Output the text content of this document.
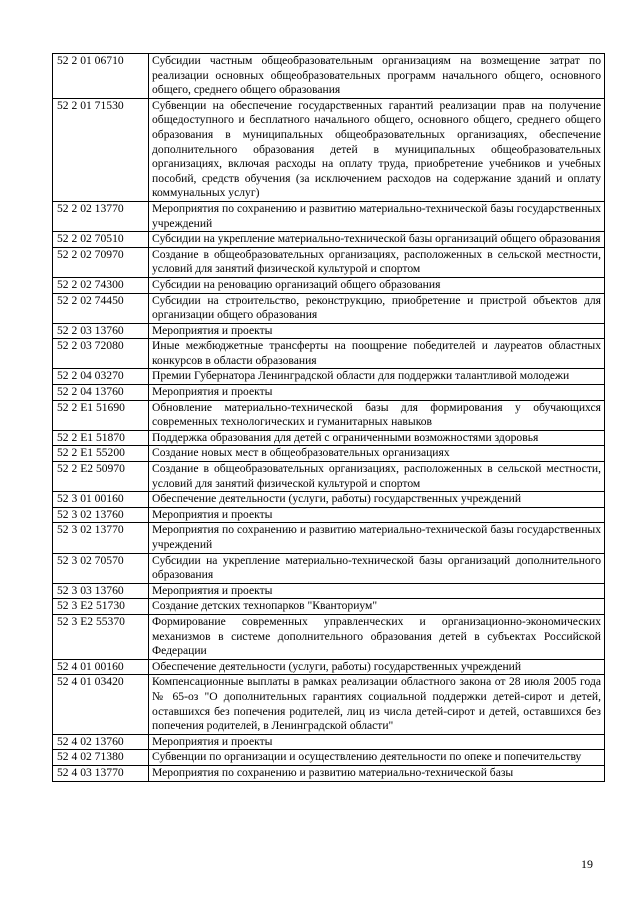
52 2 01 06710	Субсидии частным общеобразовательным организациям на возмещение затрат по реализации основных общеобразовательных программ начального общего, основного общего, среднего общего образования
52 2 01 71530	Субвенции на обеспечение государственных гарантий реализации прав на получение общедоступного и бесплатного начального общего, основного общего, среднего общего образования в муниципальных общеобразовательных организациях, обеспечение дополнительного образования детей в муниципальных общеобразовательных организациях, включая расходы на оплату труда, приобретение учебников и учебных пособий, средств обучения (за исключением расходов на содержание зданий и оплату коммунальных услуг)
52 2 02 13770	Мероприятия по сохранению и развитию материально-технической базы государственных учреждений
52 2 02 70510	Субсидии на укрепление материально-технической базы организаций общего образования
52 2 02 70970	Создание в общеобразовательных организациях, расположенных в сельской местности, условий для занятий физической культурой и спортом
52 2 02 74300	Субсидии на реновацию организаций общего образования
52 2 02 74450	Субсидии на строительство, реконструкцию, приобретение и пристрой объектов для организации общего образования
52 2 03 13760	Мероприятия и проекты
52 2 03 72080	Иные межбюджетные трансферты на поощрение победителей и лауреатов областных конкурсов в области образования
52 2 04 03270	Премии Губернатора Ленинградской области для поддержки талантливой молодежи
52 2 04 13760	Мероприятия и проекты
52 2 E1 51690	Обновление материально-технической базы для формирования у обучающихся современных технологических и гуманитарных навыков
52 2 E1 51870	Поддержка образования для детей с ограниченными возможностями здоровья
52 2 E1 55200	Создание новых мест в общеобразовательных организациях
52 2 E2 50970	Создание в общеобразовательных организациях, расположенных в сельской местности, условий для занятий физической культурой и спортом
52 3 01 00160	Обеспечение деятельности (услуги, работы) государственных учреждений
52 3 02 13760	Мероприятия и проекты
52 3 02 13770	Мероприятия по сохранению и развитию материально-технической базы государственных учреждений
52 3 02 70570	Субсидии на укрепление материально-технической базы организаций дополнительного образования
52 3 03 13760	Мероприятия и проекты
52 3 E2 51730	Создание детских технопарков "Кванториум"
52 3 E2 55370	Формирование современных управленческих и организационно-экономических механизмов в системе дополнительного образования детей в субъектах Российской Федерации
52 4 01 00160	Обеспечение деятельности (услуги, работы) государственных учреждений
52 4 01 03420	Компенсационные выплаты в рамках реализации областного закона от 28 июля 2005 года № 65-оз "О дополнительных гарантиях социальной поддержки детей-сирот и детей, оставшихся без попечения родителей, лиц из числа детей-сирот и детей, оставшихся без попечения родителей, в Ленинградской области"
52 4 02 13760	Мероприятия и проекты
52 4 02 71380	Субвенции по организации и осуществлению деятельности по опеке и попечительству
52 4 03 13770	Мероприятия по сохранению и развитию материально-технической базы
19
